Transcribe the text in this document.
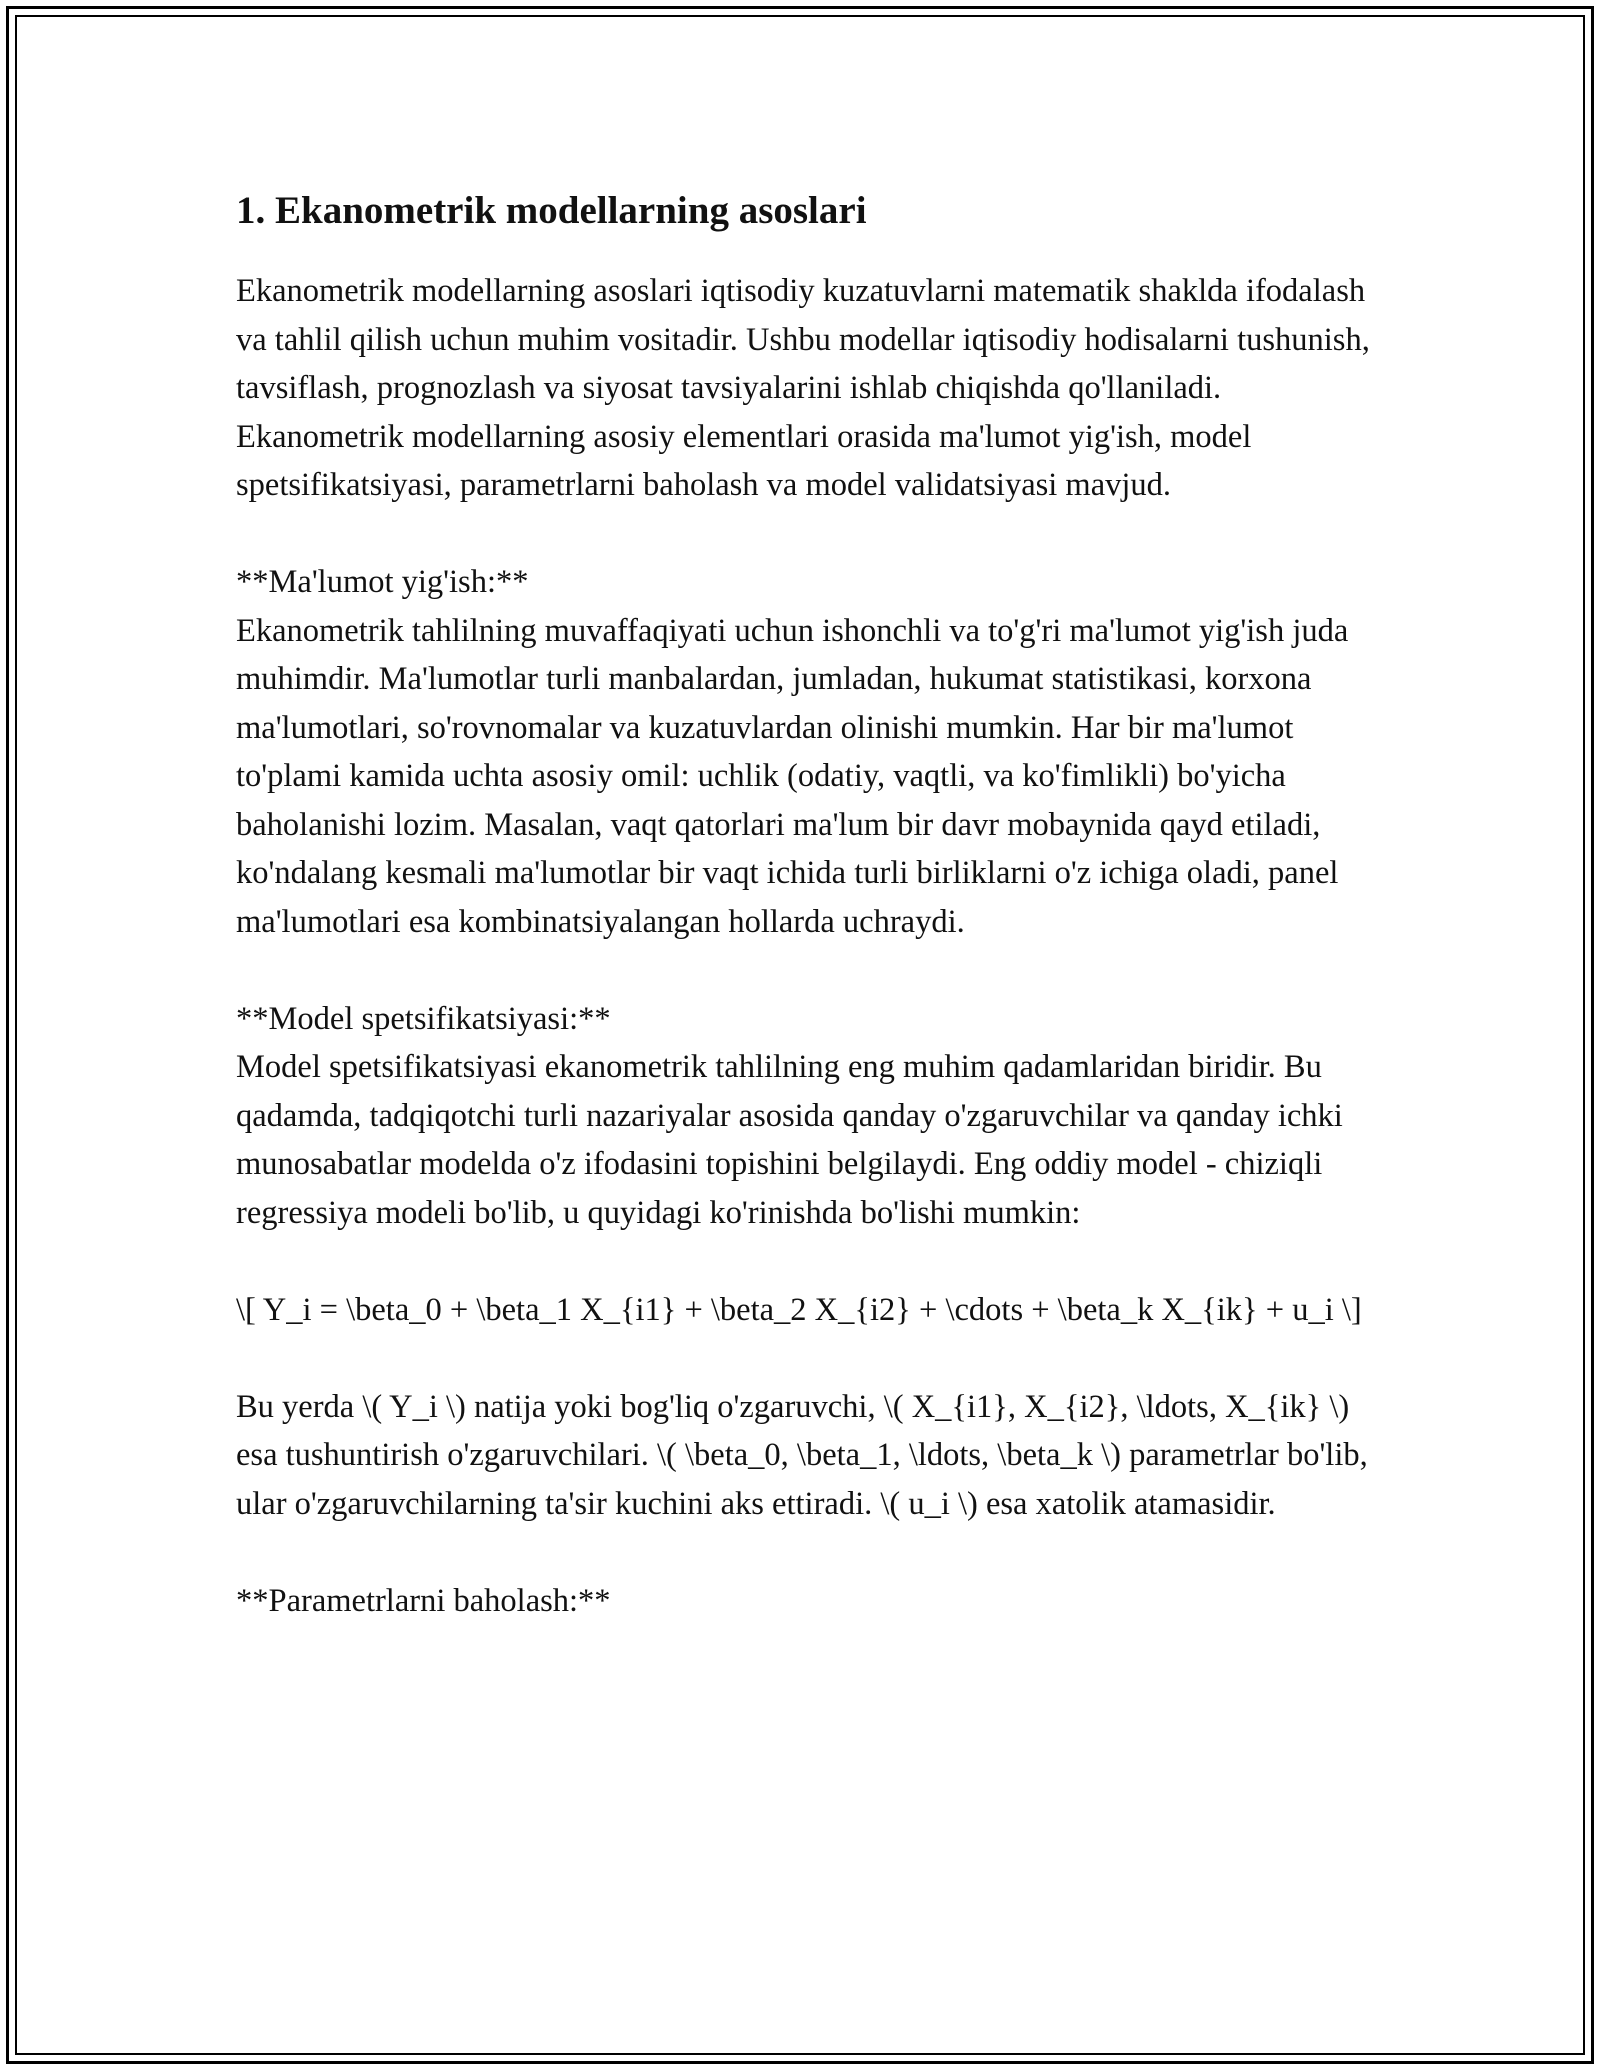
1. Ekanometrik modellarning asoslari

Ekanometrik modellarning asoslari iqtisodiy kuzatuvlarni matematik shaklda ifodalash va tahlil qilish uchun muhim vositadir. Ushbu modellar iqtisodiy hodisalarni tushunish, tavsiflash, prognozlash va siyosat tavsiyalarini ishlab chiqishda qo'llaniladi. Ekanometrik modellarning asosiy elementlari orasida ma'lumot yig'ish, model spetsifikatsiyasi, parametrlarni baholash va model validatsiyasi mavjud.

**Ma'lumot yig'ish:**

Ekanometrik tahlilning muvaffaqiyati uchun ishonchli va to'g'ri ma'lumot yig'ish juda muhimdir. Ma'lumotlar turli manbalardan, jumladan, hukumat statistikasi, korxona ma'lumotlari, so'rovnomalar va kuzatuvlardan olinishi mumkin. Har bir ma'lumot to'plami kamida uchta asosiy omil: uchlik (odatiy, vaqtli, va ko'fimlikli) bo'yicha baholanishi lozim. Masalan, vaqt qatorlari ma'lum bir davr mobaynida qayd etiladi, ko'ndalang kesmali ma'lumotlar bir vaqt ichida turli birliklarni o'z ichiga oladi, panel ma'lumotlari esa kombinatsiyalangan hollarda uchraydi.

**Model spetsifikatsiyasi:**

Model spetsifikatsiyasi ekanometrik tahlilning eng muhim qadamlaridan biridir. Bu qadamda, tadqiqotchi turli nazariyalar asosida qanday o'zgaruvchilar va qanday ichki munosabatlar modelda o'z ifodasini topishini belgilaydi. Eng oddiy model - chiziqli regressiya modeli bo'lib, u quyidagi ko'rinishda bo'lishi mumkin:

\[ Y_i = \beta_0 + \beta_1 X_{i1} + \beta_2 X_{i2} + \cdots + \beta_k X_{ik} + u_i \]

Bu yerda \( Y_i \) natija yoki bog'liq o'zgaruvchi, \( X_{i1}, X_{i2}, \ldots, X_{ik} \) esa tushuntirish o'zgaruvchilari. \( \beta_0, \beta_1, \ldots, \beta_k \) parametrlar bo'lib, ular o'zgaruvchilarning ta'sir kuchini aks ettiradi. \( u_i \) esa xatolik atamasidir.

**Parametrlarni baholash:**
